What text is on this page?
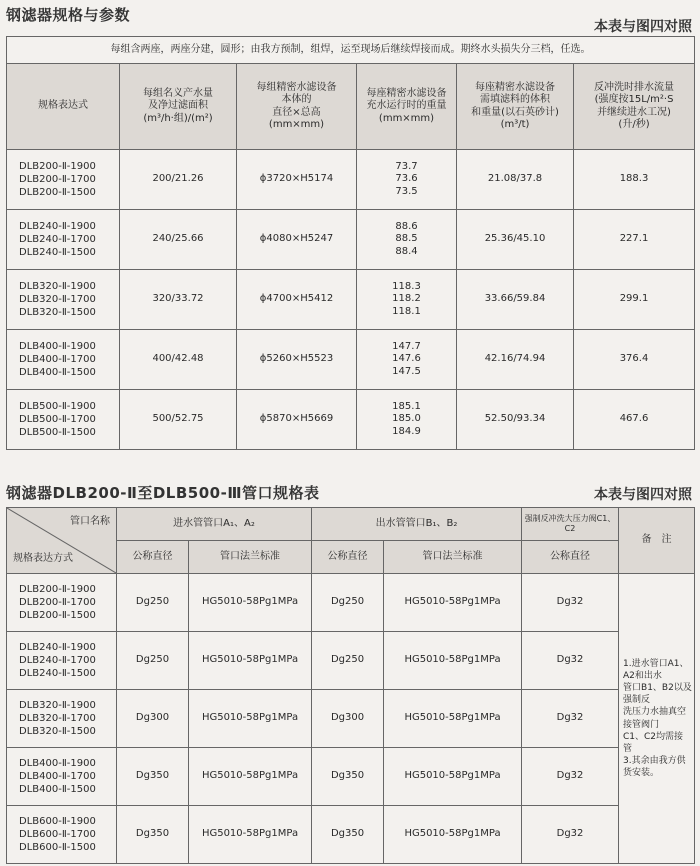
钢滤器规格与参数
本表与图四对照
每组含两座，两座分建，圆形；由我方预制，组焊，运至现场后继续焊接而成。期终水头损失分三档，任选。					

规格表达式	每组名义产水量
及净过滤面积
(m³/h·组)/(m²)	每组精密水滤设备
本体的
直径×总高
(mm×mm)	每座精密水滤设备
充水运行时的重量
(mm×mm)	每座精密水滤设备
需填滤料的体积
和重量(以石英砂计)
(m³/t)	反冲洗时排水流量
(强度按15L/m²·S
并继续进水工况)
(升/秒)

DLB200-Ⅱ-1900
DLB200-Ⅱ-1700
DLB200-Ⅱ-1500	200/21.26	ϕ3720×H5174	73.7
73.6
73.5	21.08/37.8	188.3

DLB240-Ⅱ-1900
DLB240-Ⅱ-1700
DLB240-Ⅱ-1500	240/25.66	ϕ4080×H5247	88.6
88.5
88.4	25.36/45.10	227.1

DLB320-Ⅱ-1900
DLB320-Ⅱ-1700
DLB320-Ⅱ-1500	320/33.72	ϕ4700×H5412	118.3
118.2
118.1	33.66/59.84	299.1

DLB400-Ⅱ-1900
DLB400-Ⅱ-1700
DLB400-Ⅱ-1500	400/42.48	ϕ5260×H5523	147.7
147.6
147.5	42.16/74.94	376.4

DLB500-Ⅱ-1900
DLB500-Ⅱ-1700
DLB500-Ⅱ-1500	500/52.75	ϕ5870×H5669	185.1
185.0
184.9	52.50/93.34	467.6
钢滤器DLB200-Ⅱ至DLB500-Ⅲ管口规格表	本表与图四对照
管口名称
规格表达方式	进水管管口A₁、A₂		出水管管口B₁、B₂		强制反冲洗大压力阀C1、C2	备　注
	公称直径	管口法兰标准	公称直径	管口法兰标准	公称直径	

DLB200-Ⅱ-1900
DLB200-Ⅱ-1700
DLB200-Ⅱ-1500	Dg250	HG5010-58Pg1MPa	Dg250	HG5010-58Pg1MPa	Dg32	1.进水管口A1、A2和出水
管口B1、B2以及强制反
洗压力水抽真空接管阀门
C1、C2均需接管
3.其余由我方供货安装。

DLB240-Ⅱ-1900
DLB240-Ⅱ-1700
DLB240-Ⅱ-1500	Dg250	HG5010-58Pg1MPa	Dg250	HG5010-58Pg1MPa	Dg32	

DLB320-Ⅱ-1900
DLB320-Ⅱ-1700
DLB320-Ⅱ-1500	Dg300	HG5010-58Pg1MPa	Dg300	HG5010-58Pg1MPa	Dg32	

DLB400-Ⅱ-1900
DLB400-Ⅱ-1700
DLB400-Ⅱ-1500	Dg350	HG5010-58Pg1MPa	Dg350	HG5010-58Pg1MPa	Dg32	

DLB600-Ⅱ-1900
DLB600-Ⅱ-1700
DLB600-Ⅱ-1500	Dg350	HG5010-58Pg1MPa	Dg350	HG5010-58Pg1MPa	Dg32	
